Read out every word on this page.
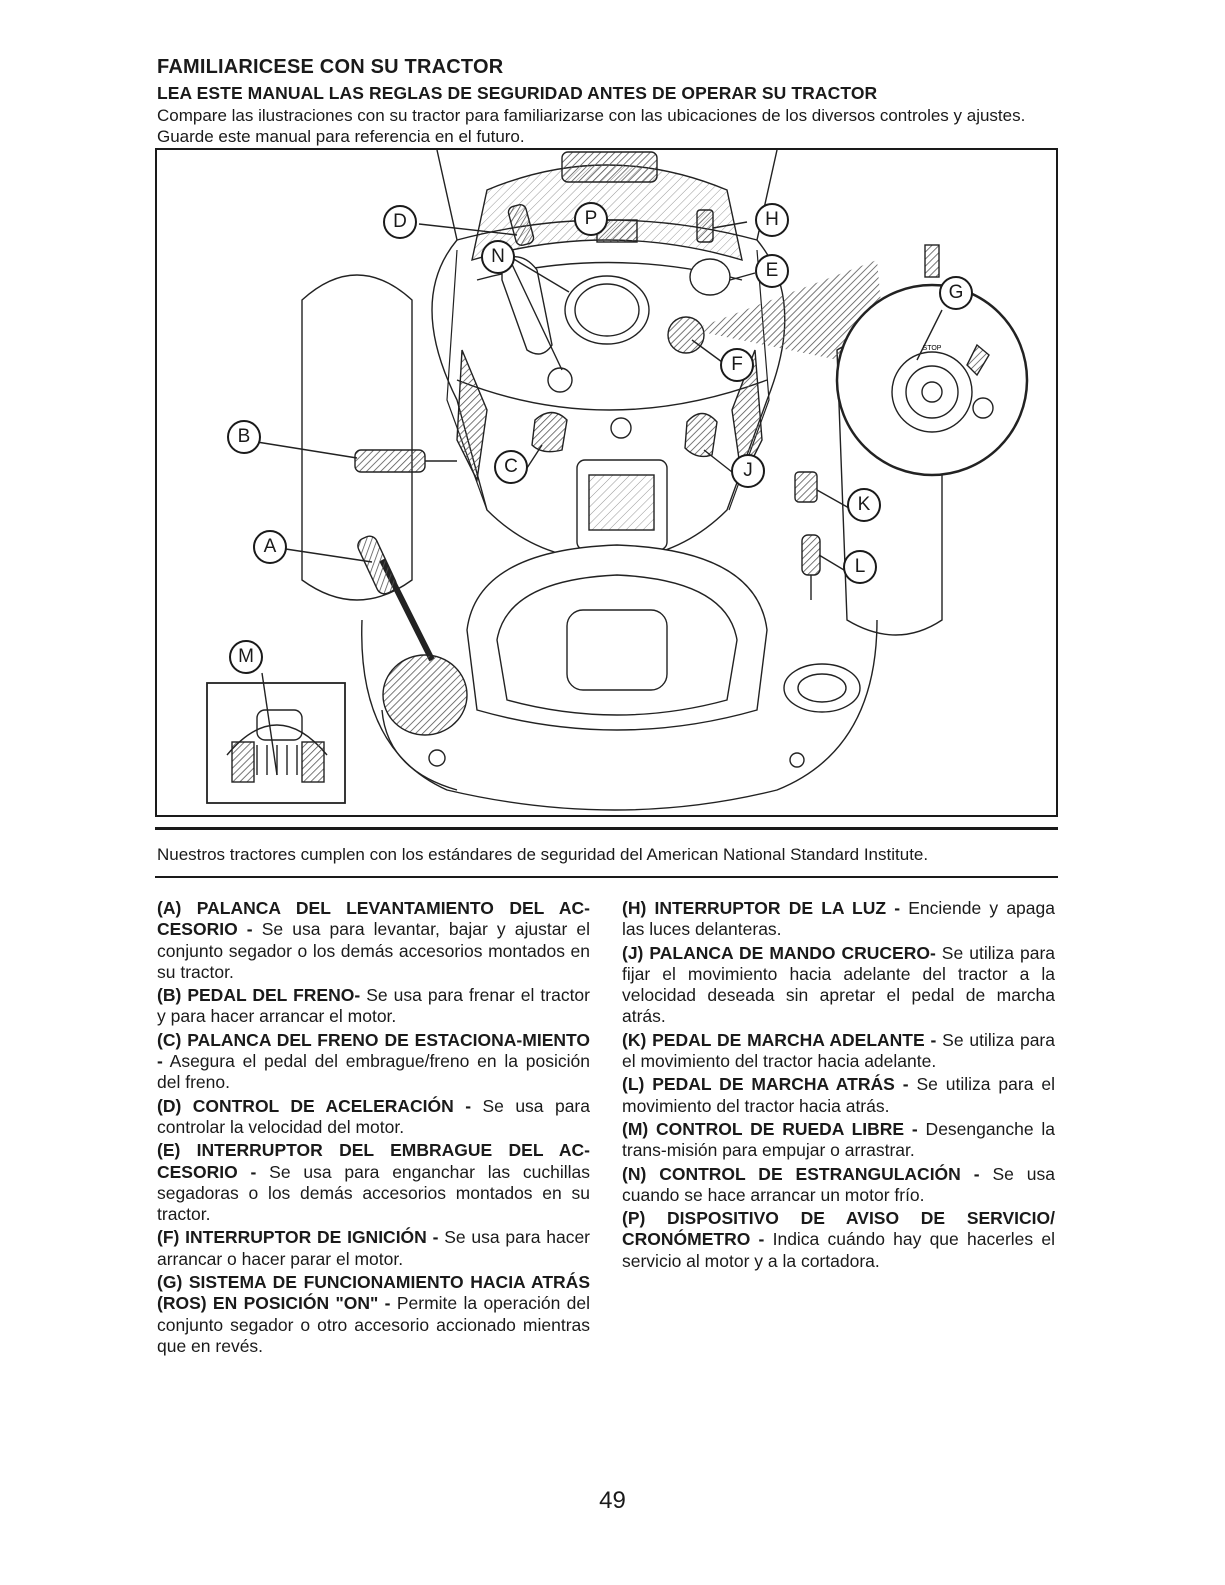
FAMILIARICESE CON SU TRACTOR
LEA ESTE MANUAL LAS REGLAS DE SEGURIDAD ANTES DE OPERAR SU TRACTOR
Compare las ilustraciones con su tractor para familiarizarse con las ubicaciones de los diversos controles y ajustes. Guarde este manual para referencia en el futuro.
STOP
D	P	H
E
G
N
F
B
C	J
K
A
L
M
Nuestros tractores cumplen con los estándares de seguridad del American National Standard Institute.

(A) PALANCA DEL LEVANTAMIENTO DEL AC-CESORIO - Se usa para levantar, bajar y ajustar el conjunto segador o los demás accesorios montados en su tractor.

(B) PEDAL DEL FRENO- Se usa para frenar el tractor y para hacer arrancar el motor.

(C) PALANCA DEL FRENO DE ESTACIONA-MIENTO - Asegura el pedal del embrague/freno en la posición del freno.

(D) CONTROL DE ACELERACIÓN - Se usa para controlar la velocidad del motor.

(E) INTERRUPTOR DEL EMBRAGUE DEL AC-CESORIO - Se usa para enganchar las cuchillas segadoras o los demás accesorios montados en su tractor.

(F) INTERRUPTOR DE IGNICIÓN - Se usa para hacer arrancar o hacer parar el motor.

(G) SISTEMA DE FUNCIONAMIENTO HACIA ATRÁS (ROS) EN POSICIÓN "ON" - Permite la operación del conjunto segador o otro accesorio accionado mientras que en revés.

(H) INTERRUPTOR DE LA LUZ - Enciende y apaga las luces delanteras.

(J) PALANCA DE MANDO CRUCERO- Se utiliza para fijar el movimiento hacia adelante del tractor a la velocidad deseada sin apretar el pedal de marcha atrás.

(K) PEDAL DE MARCHA ADELANTE - Se utiliza para el movimiento del tractor hacia adelante.

(L) PEDAL DE MARCHA ATRÁS - Se utiliza para el movimiento del tractor hacia atrás.

(M) CONTROL DE RUEDA LIBRE - Desenganche la trans-misión para empujar o arrastrar.

(N) CONTROL DE ESTRANGULACIÓN - Se usa cuando se hace arrancar un motor frío.

(P) DISPOSITIVO DE AVISO DE SERVICIO/ CRONÓMETRO - Indica cuándo hay que hacerles el servicio al motor y a la cortadora.

49
